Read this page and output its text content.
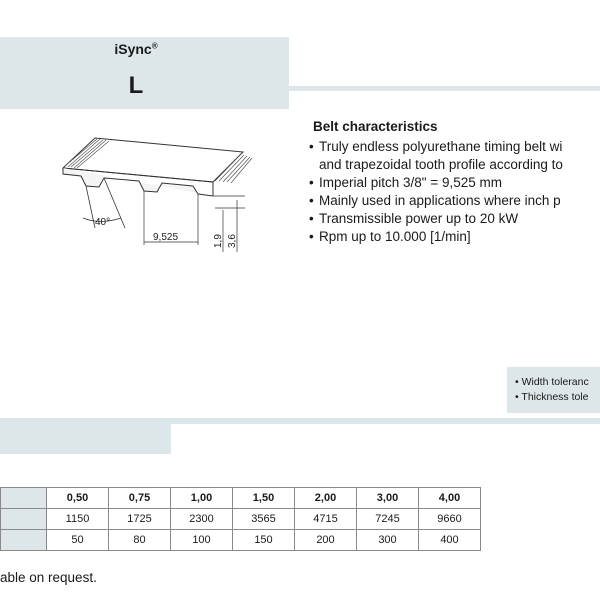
iSync®
L
40°
9,525	1,9 3,6
Belt characteristics
• Truly endless polyurethane timing belt wi
and trapezoidal tooth profile according to
• Imperial pitch 3/8" = 9,525 mm
• Mainly used in applications where inch p
• Transmissible power up to 20 kW
• Rpm up to 10.000 [1/min]
• Width toleranc
• Thickness tole
	0,50	0,75	1,00	1,50	2,00	3,00	4,00
	1150	1725	2300	3565	4715	7245	9660
	50	80	100	150	200	300	400
able on request.
